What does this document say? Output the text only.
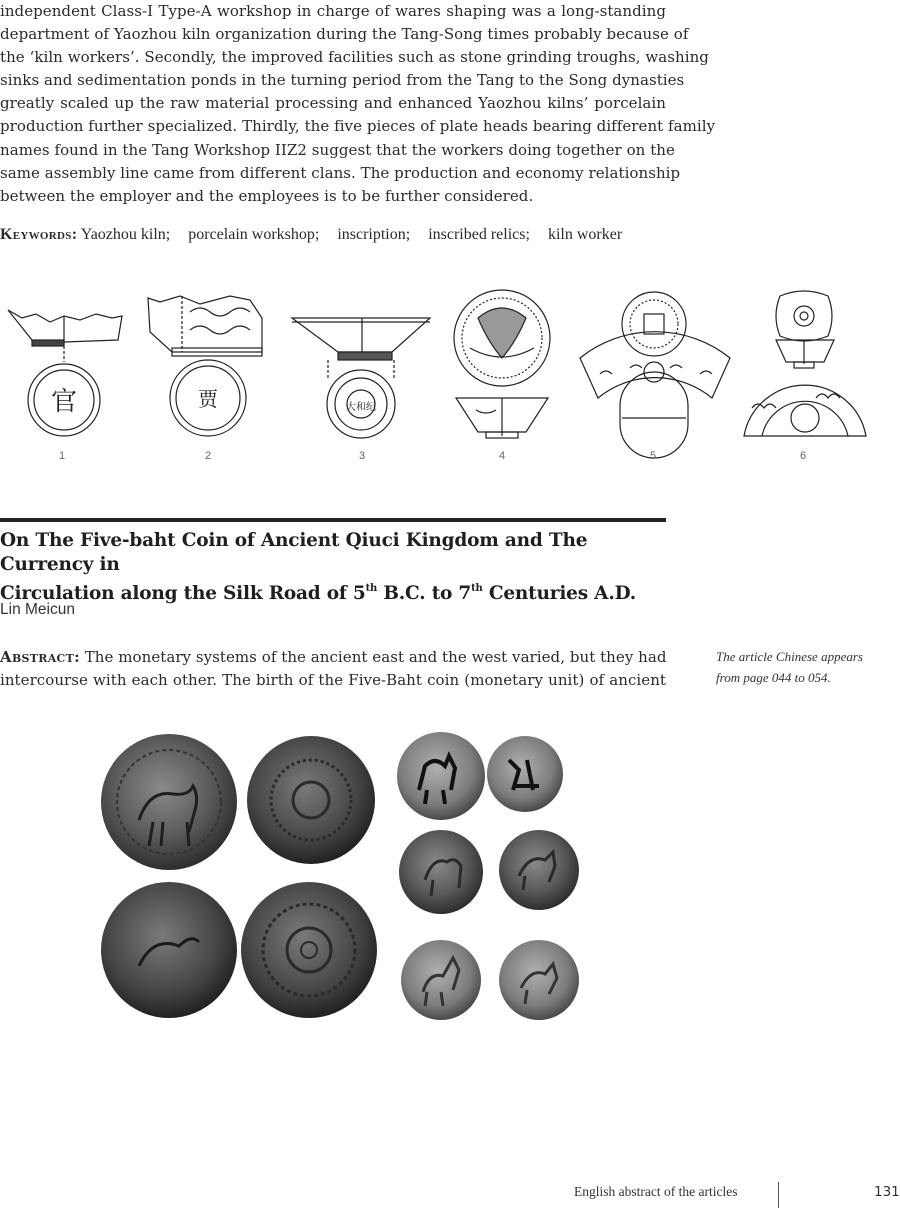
independent Class-I Type-A workshop in charge of wares shaping was a long-standing
department of Yaozhou kiln organization during the Tang-Song times probably because of
the ‘kiln workers’. Secondly, the improved facilities such as stone grinding troughs, washing
sinks and sedimentation ponds in the turning period from the Tang to the Song dynasties
greatly scaled up the raw material processing and enhanced Yaozhou kilns’ porcelain
production further specialized. Thirdly, the five pieces of plate heads bearing different family
names found in the Tang Workshop IIZ2 suggest that the workers doing together on the
same assembly line came from different clans. The production and economy relationship
between the employer and the employees is to be further considered.
Keywords: Yaozhou kiln; porcelain workshop; inscription; inscribed relics; kiln worker
官	贾	大和纪
1	2	3	4	5	6
On The Five-baht Coin of Ancient Qiuci Kingdom and The Currency in
Circulation along the Silk Road of 5th B.C. to 7th Centuries A.D.
Lin Meicun
Abstract: The monetary systems of the ancient east and the west varied, but they had
intercourse with each other. The birth of the Five-Baht coin (monetary unit) of ancient
The article Chinese appears
from page 044 to 054.
English abstract of the articles	131
